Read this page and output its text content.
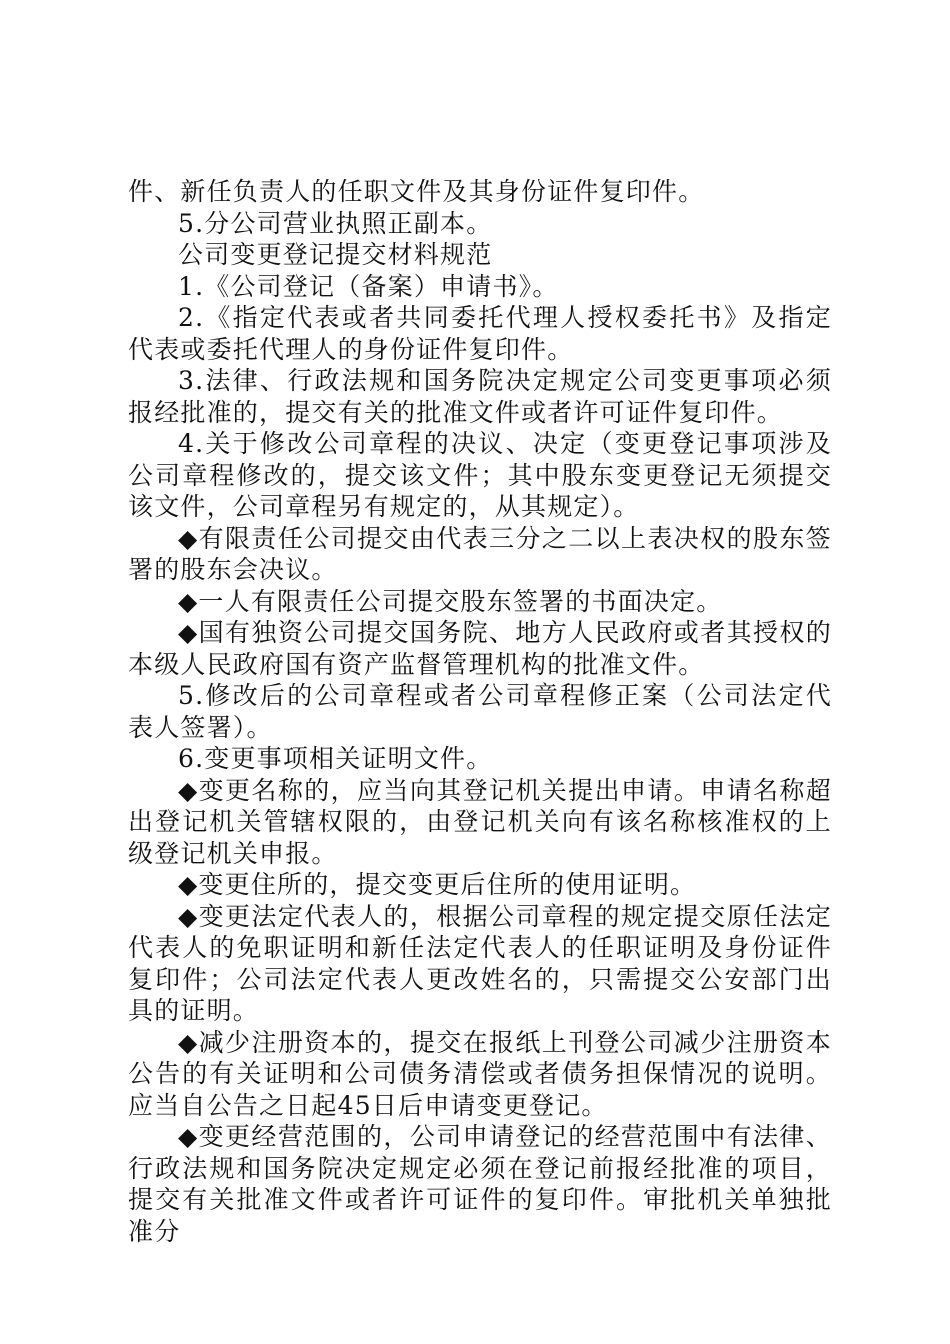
件、新任负责人的任职文件及其身份证件复印件。

5.分公司营业执照正副本。

公司变更登记提交材料规范

1.《公司登记（备案）申请书》。

2.《指定代表或者共同委托代理人授权委托书》及指定代表或委托代理人的身份证件复印件。

3.法律、行政法规和国务院决定规定公司变更事项必须报经批准的，提交有关的批准文件或者许可证件复印件。

4.关于修改公司章程的决议、决定（变更登记事项涉及公司章程修改的，提交该文件；其中股东变更登记无须提交该文件，公司章程另有规定的，从其规定）。

◆有限责任公司提交由代表三分之二以上表决权的股东签署的股东会决议。

◆一人有限责任公司提交股东签署的书面决定。

◆国有独资公司提交国务院、地方人民政府或者其授权的本级人民政府国有资产监督管理机构的批准文件。

5.修改后的公司章程或者公司章程修正案（公司法定代表人签署）。

6.变更事项相关证明文件。

◆变更名称的，应当向其登记机关提出申请。申请名称超出登记机关管辖权限的，由登记机关向有该名称核准权的上级登记机关申报。

◆变更住所的，提交变更后住所的使用证明。

◆变更法定代表人的，根据公司章程的规定提交原任法定代表人的免职证明和新任法定代表人的任职证明及身份证件复印件；公司法定代表人更改姓名的，只需提交公安部门出具的证明。

◆减少注册资本的，提交在报纸上刊登公司减少注册资本公告的有关证明和公司债务清偿或者债务担保情况的说明。应当自公告之日起45日后申请变更登记。

◆变更经营范围的，公司申请登记的经营范围中有法律、行政法规和国务院决定规定必须在登记前报经批准的项目，提交有关批准文件或者许可证件的复印件。审批机关单独批准分
